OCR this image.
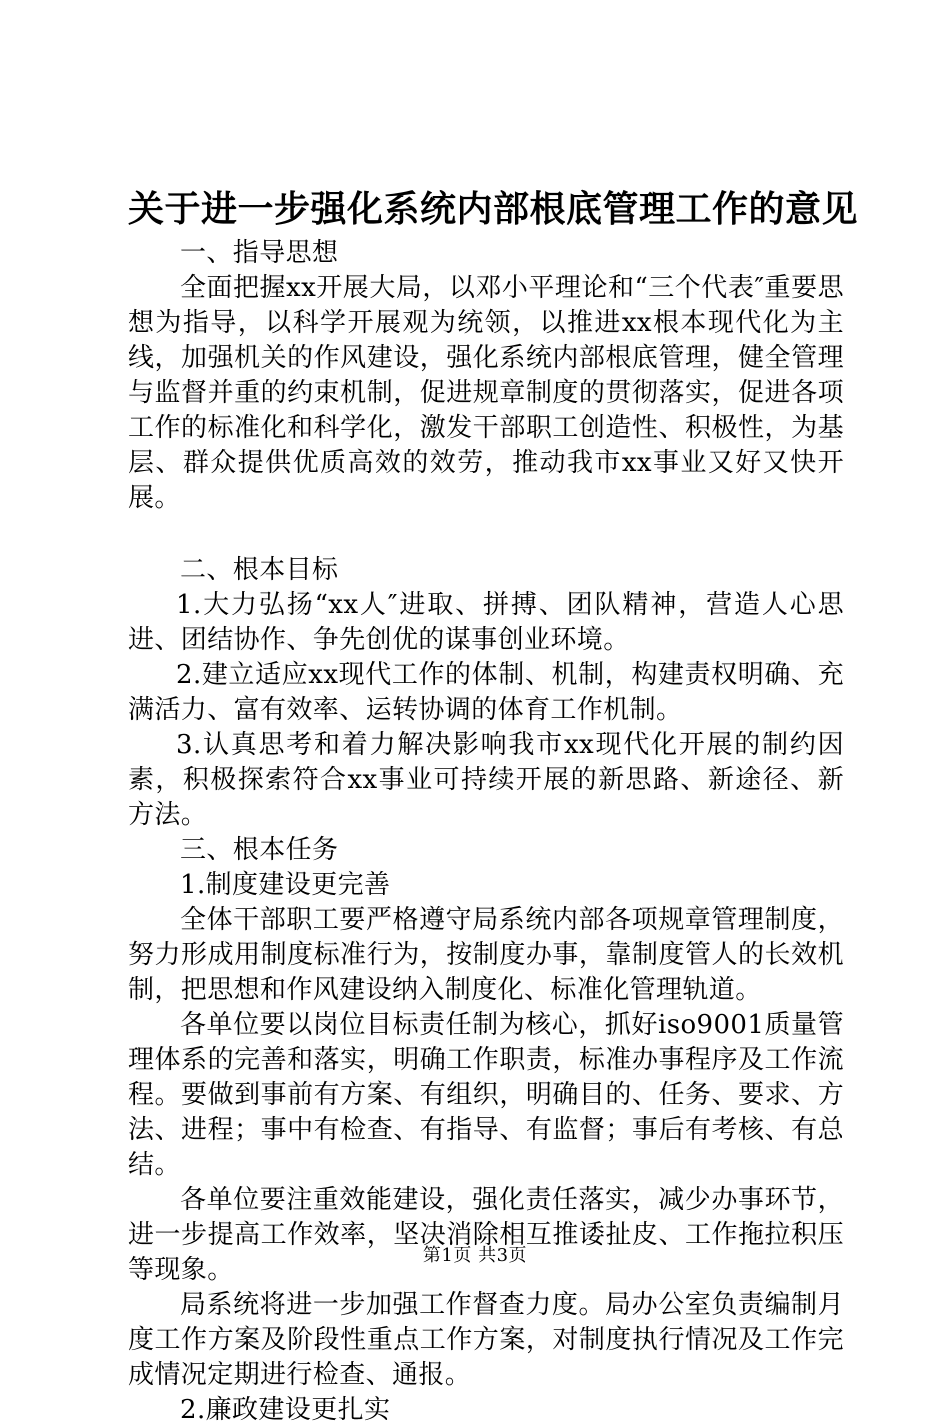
关于进一步强化系统内部根底管理工作的意见

一、指导思想

全面把握xx开展大局，以邓小平理论和“三个代表″重要思想为指导，以科学开展观为统领，以推进xx根本现代化为主线，加强机关的作风建设，强化系统内部根底管理，健全管理与监督并重的约束机制，促进规章制度的贯彻落实，促进各项工作的标准化和科学化，激发干部职工创造性、积极性，为基层、群众提供优质高效的效劳，推动我市xx事业又好又快开展。

二、根本目标

1.大力弘扬“xx人″进取、拼搏、团队精神，营造人心思进、团结协作、争先创优的谋事创业环境。

2.建立适应xx现代工作的体制、机制，构建责权明确、充满活力、富有效率、运转协调的体育工作机制。

3.认真思考和着力解决影响我市xx现代化开展的制约因素，积极探索符合xx事业可持续开展的新思路、新途径、新方法。

三、根本任务

1.制度建设更完善

全体干部职工要严格遵守局系统内部各项规章管理制度，努力形成用制度标准行为，按制度办事，靠制度管人的长效机制，把思想和作风建设纳入制度化、标准化管理轨道。

各单位要以岗位目标责任制为核心，抓好iso9001质量管理体系的完善和落实，明确工作职责，标准办事程序及工作流程。要做到事前有方案、有组织，明确目的、任务、要求、方法、进程；事中有检查、有指导、有监督；事后有考核、有总结。

各单位要注重效能建设，强化责任落实，减少办事环节，进一步提高工作效率，坚决消除相互推诿扯皮、工作拖拉积压等现象。

局系统将进一步加强工作督查力度。局办公室负责编制月度工作方案及阶段性重点工作方案，对制度执行情况及工作完成情况定期进行检查、通报。

2.廉政建设更扎实

第1页 共3页
